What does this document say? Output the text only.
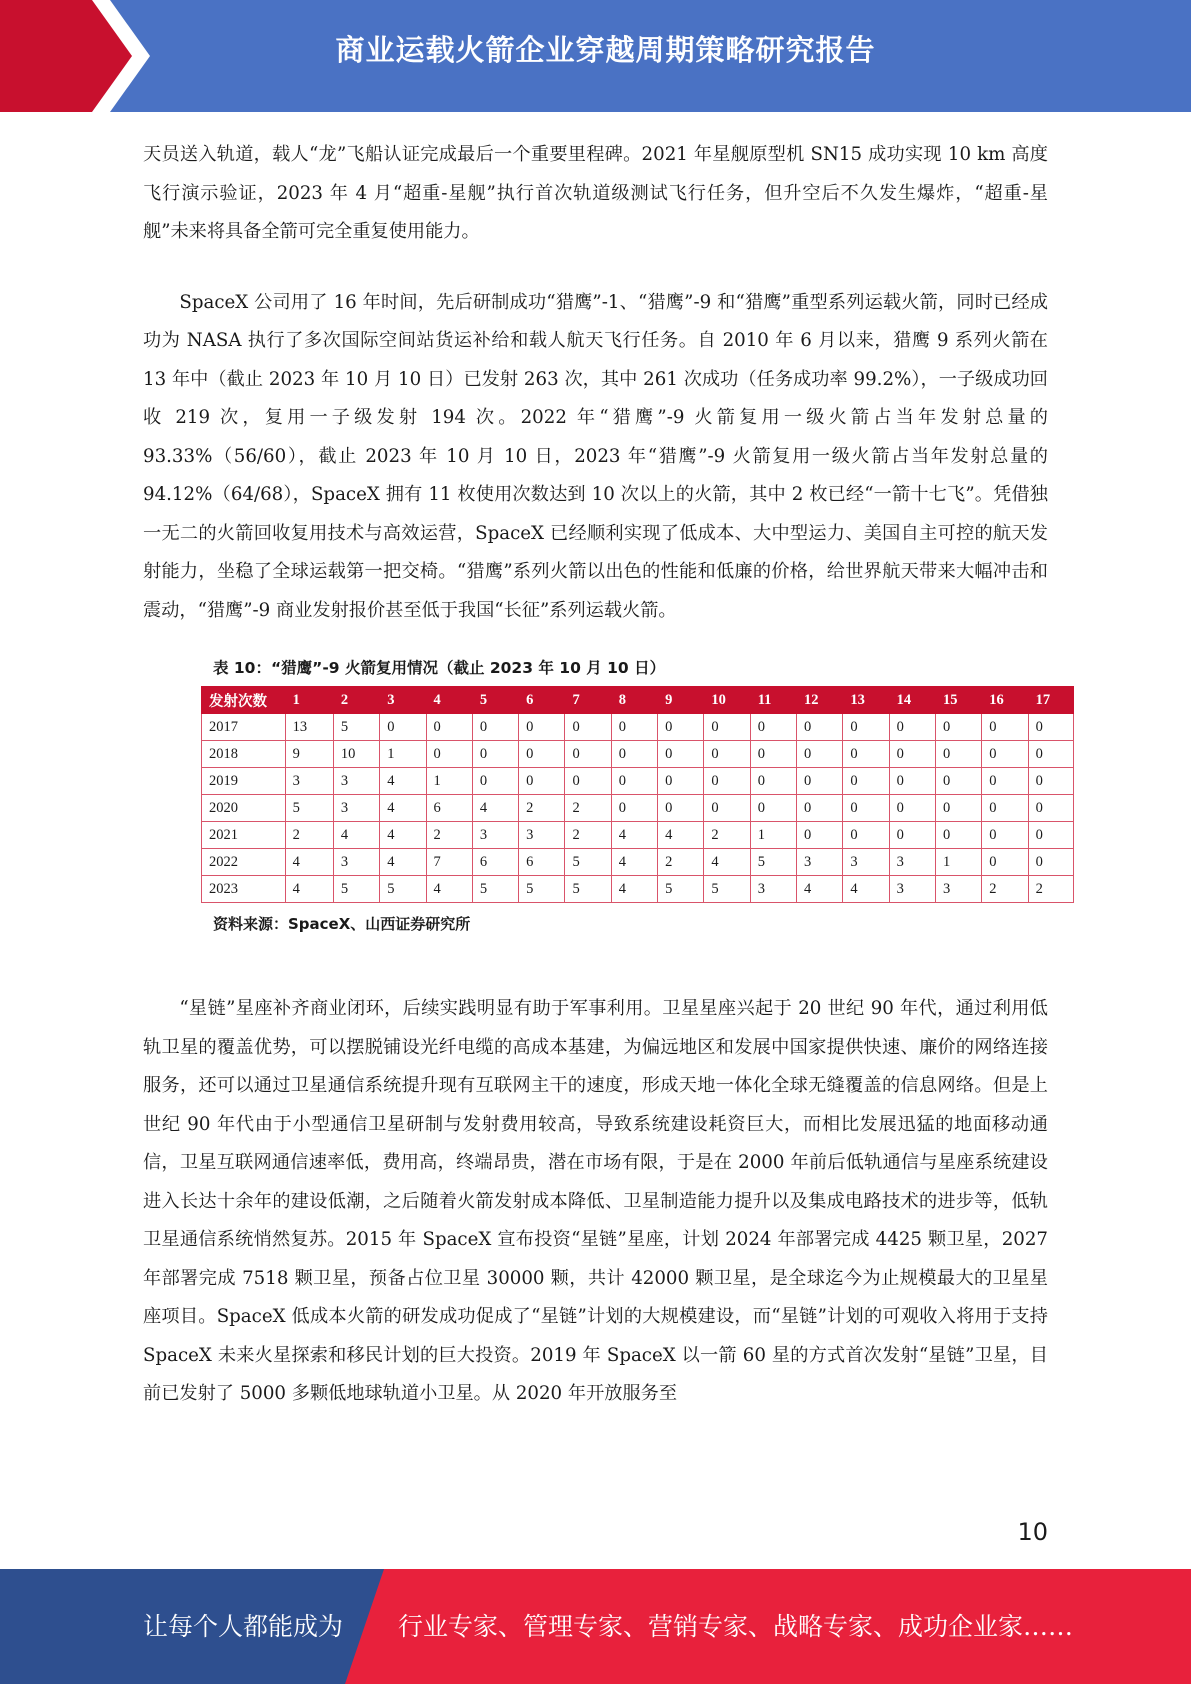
商业运载火箭企业穿越周期策略研究报告

天员送入轨道，载人“龙”飞船认证完成最后一个重要里程碑。2021 年星舰原型机 SN15 成功实现 10 km 高度飞行演示验证，2023 年 4 月“超重-星舰”执行首次轨道级测试飞行任务，但升空后不久发生爆炸，“超重-星舰”未来将具备全箭可完全重复使用能力。

SpaceX 公司用了 16 年时间，先后研制成功“猎鹰”-1、“猎鹰”-9 和“猎鹰”重型系列运载火箭，同时已经成功为 NASA 执行了多次国际空间站货运补给和载人航天飞行任务。自 2010 年 6 月以来，猎鹰 9 系列火箭在 13 年中（截止 2023 年 10 月 10 日）已发射 263 次，其中 261 次成功（任务成功率 99.2%），一子级成功回收 219 次，复用一子级发射 194 次。2022 年“猎鹰”-9 火箭复用一级火箭占当年发射总量的 93.33%（56/60），截止 2023 年 10 月 10 日，2023 年“猎鹰”-9 火箭复用一级火箭占当年发射总量的 94.12%（64/68），SpaceX 拥有 11 枚使用次数达到 10 次以上的火箭，其中 2 枚已经“一箭十七飞”。凭借独一无二的火箭回收复用技术与高效运营，SpaceX 已经顺利实现了低成本、大中型运力、美国自主可控的航天发射能力，坐稳了全球运载第一把交椅。“猎鹰”系列火箭以出色的性能和低廉的价格，给世界航天带来大幅冲击和震动，“猎鹰”-9 商业发射报价甚至低于我国“长征”系列运载火箭。

表 10：“猎鹰”-9 火箭复用情况（截止 2023 年 10 月 10 日）
发射次数	1	2	3	4	5	6	7	8	9	10	11	12	13	14	15	16	17
2017	13	5	0	0	0	0	0	0	0	0	0	0	0	0	0	0	0
2018	9	10	1	0	0	0	0	0	0	0	0	0	0	0	0	0	0
2019	3	3	4	1	0	0	0	0	0	0	0	0	0	0	0	0	0
2020	5	3	4	6	4	2	2	0	0	0	0	0	0	0	0	0	0
2021	2	4	4	2	3	3	2	4	4	2	1	0	0	0	0	0	0
2022	4	3	4	7	6	6	5	4	2	4	5	3	3	3	1	0	0
2023	4	5	5	4	5	5	5	4	5	5	3	4	4	3	3	2	2
资料来源：SpaceX、山西证券研究所

“星链”星座补齐商业闭环，后续实践明显有助于军事利用。卫星星座兴起于 20 世纪 90 年代，通过利用低轨卫星的覆盖优势，可以摆脱铺设光纤电缆的高成本基建，为偏远地区和发展中国家提供快速、廉价的网络连接服务，还可以通过卫星通信系统提升现有互联网主干的速度，形成天地一体化全球无缝覆盖的信息网络。但是上世纪 90 年代由于小型通信卫星研制与发射费用较高，导致系统建设耗资巨大，而相比发展迅猛的地面移动通信，卫星互联网通信速率低，费用高，终端昂贵，潜在市场有限，于是在 2000 年前后低轨通信与星座系统建设进入长达十余年的建设低潮，之后随着火箭发射成本降低、卫星制造能力提升以及集成电路技术的进步等，低轨卫星通信系统悄然复苏。2015 年 SpaceX 宣布投资“星链”星座，计划 2024 年部署完成 4425 颗卫星，2027 年部署完成 7518 颗卫星，预备占位卫星 30000 颗，共计 42000 颗卫星，是全球迄今为止规模最大的卫星星座项目。SpaceX 低成本火箭的研发成功促成了“星链”计划的大规模建设，而“星链”计划的可观收入将用于支持 SpaceX 未来火星探索和移民计划的巨大投资。2019 年 SpaceX 以一箭 60 星的方式首次发射“星链”卫星，目前已发射了 5000 多颗低地球轨道小卫星。从 2020 年开放服务至

10
让每个人都能成为 行业专家、管理专家、营销专家、战略专家、成功企业家……
